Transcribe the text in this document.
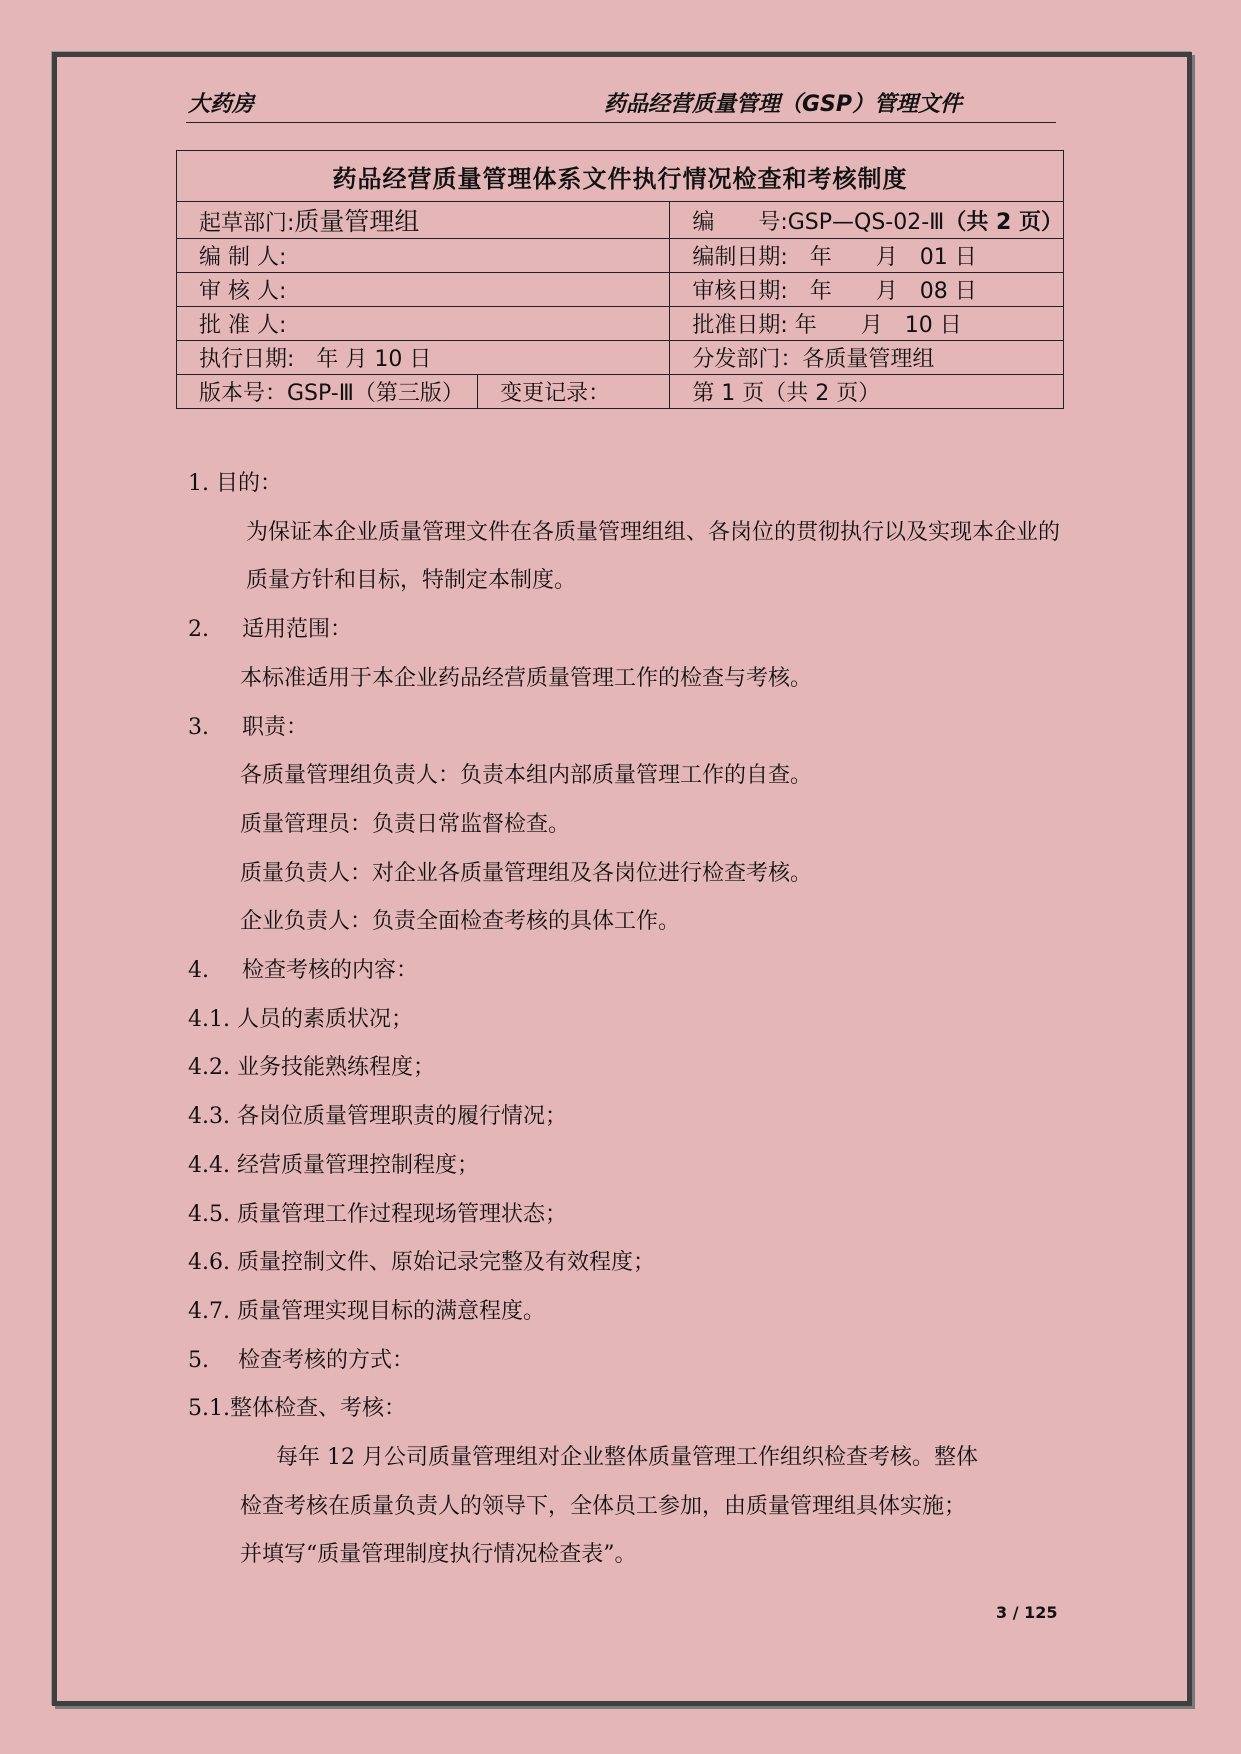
大药房	药品经营质量管理（GSP）管理文件
药品经营质量管理体系文件执行情况检查和考核制度		
起草部门:质量管理组		编　　号:GSP—QS-02-Ⅲ（共 2 页）
编 制 人:		编制日期:　年　　月　01 日
审 核 人:		审核日期:　年　　月　08 日
批 准 人:		批准日期: 年　　月　10 日
执行日期:　年 月 10 日		分发部门：各质量管理组
版本号：GSP-Ⅲ（第三版）	变更记录：	第 1 页（共 2 页）
1. 目的：
为保证本企业质量管理文件在各质量管理组组、各岗位的贯彻执行以及实现本企业的质量方针和目标，特制定本制度。
2. 适用范围：
本标准适用于本企业药品经营质量管理工作的检查与考核。
3. 职责：
各质量管理组负责人：负责本组内部质量管理工作的自查。
质量管理员：负责日常监督检查。
质量负责人：对企业各质量管理组及各岗位进行检查考核。
企业负责人：负责全面检查考核的具体工作。
4. 检查考核的内容：
4.1. 人员的素质状况；
4.2. 业务技能熟练程度；
4.3. 各岗位质量管理职责的履行情况；
4.4. 经营质量管理控制程度；
4.5. 质量管理工作过程现场管理状态；
4.6. 质量控制文件、原始记录完整及有效程度；
4.7. 质量管理实现目标的满意程度。
5. 检查考核的方式：
5.1.整体检查、考核：
每年 12 月公司质量管理组对企业整体质量管理工作组织检查考核。整体
检查考核在质量负责人的领导下，全体员工参加，由质量管理组具体实施；
并填写“质量管理制度执行情况检查表”。
3 / 125
